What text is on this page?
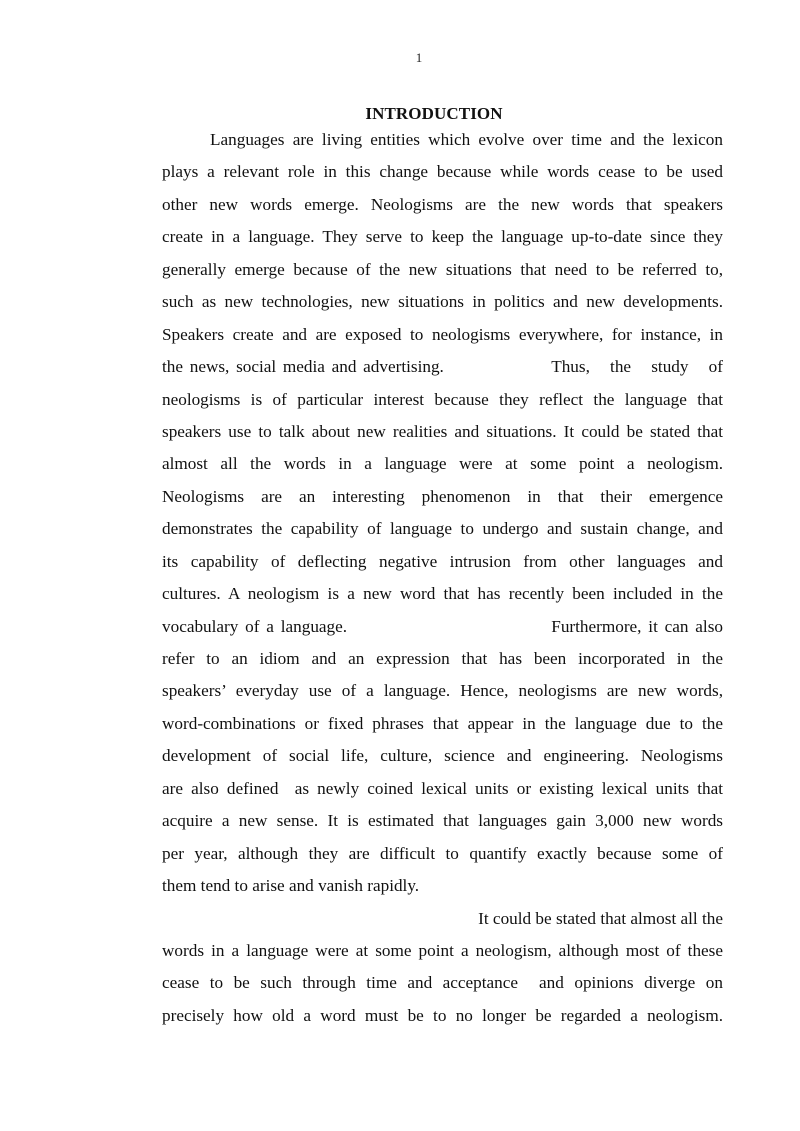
1
INTRODUCTION
Languages are living entities which evolve over time and the lexicon
plays a relevant role in this change because while words cease to be used
other new words emerge. Neologisms are the new words that speakers
create in a language. They serve to keep the language up-to-date since they
generally emerge because of the new situations that need to be referred to,
such as new technologies, new situations in politics and new developments.
Speakers create and are exposed to neologisms everywhere, for instance, in
the news, social media and advertising.                Thus,   the   study   of
neologisms is of particular interest because they reflect the language that
speakers use to talk about new realities and situations. It could be stated that
almost all the words in a language were at some point a neologism.
Neologisms are an interesting phenomenon in that their emergence
demonstrates the capability of language to undergo and sustain change, and
its capability of deflecting negative intrusion from other languages and
cultures. A neologism is a new word that has recently been included in the
vocabulary of a language.                              Furthermore, it can also
refer to an idiom and an expression that has been incorporated in the
speakers’ everyday use of a language. Hence, neologisms are new words,
word-combinations or fixed phrases that appear in the language due to the
development of social life, culture, science and engineering. Neologisms
are also defined  as newly coined lexical units or existing lexical units that
acquire a new sense. It is estimated that languages gain 3,000 new words
per year, although they are difficult to quantify exactly because some of
them tend to arise and vanish rapidly.
It could be stated that almost all the
words in a language were at some point a neologism, although most of these
cease to be such through time and acceptance  and opinions diverge on
precisely how old a word must be to no longer be regarded a neologism.
